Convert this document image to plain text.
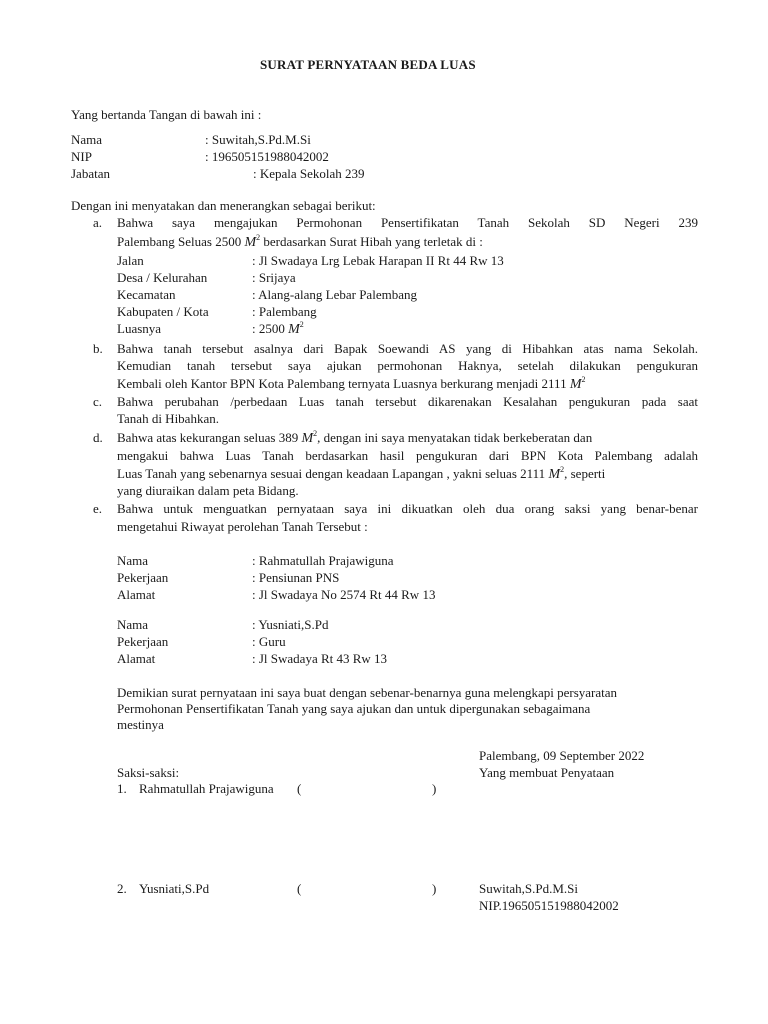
SURAT PERNYATAAN BEDA LUAS
Yang bertanda Tangan di bawah ini :
Nama	: Suwitah,S.Pd.M.Si
NIP	: 196505151988042002
Jabatan	: Kepala Sekolah 239
Dengan ini menyatakan dan menerangkan sebagai berikut:
a. Bahwa saya mengajukan Permohonan Pensertifikatan Tanah Sekolah SD Negeri 239
Palembang Seluas 2500 $M^2$ berdasarkan Surat Hibah yang terletak di :
Jalan	: Jl Swadaya Lrg Lebak Harapan II Rt 44 Rw 13
Desa / Kelurahan	: Srijaya
Kecamatan	: Alang-alang Lebar Palembang
Kabupaten / Kota	: Palembang
Luasnya	: 2500 $M^2$
b. Bahwa tanah tersebut asalnya dari Bapak Soewandi AS yang di Hibahkan atas nama Sekolah.
Kemudian tanah tersebut saya ajukan permohonan Haknya, setelah dilakukan pengukuran
Kembali oleh Kantor BPN Kota Palembang ternyata Luasnya berkurang menjadi 2111 $M^2$
c. Bahwa perubahan /perbedaan Luas tanah tersebut dikarenakan Kesalahan pengukuran pada saat
Tanah di Hibahkan.
d. Bahwa atas kekurangan seluas 389 $M^2$, dengan ini saya menyatakan tidak berkeberatan dan
mengakui bahwa Luas Tanah berdasarkan hasil pengukuran dari BPN Kota Palembang adalah
Luas Tanah yang sebenarnya sesuai dengan keadaan Lapangan , yakni seluas 2111 $M^2$, seperti
yang diuraikan dalam peta Bidang.
e. Bahwa untuk menguatkan pernyataan saya ini dikuatkan oleh dua orang saksi yang benar-benar
mengetahui Riwayat perolehan Tanah Tersebut :
Nama	: Rahmatullah Prajawiguna
Pekerjaan	: Pensiunan PNS
Alamat	: Jl Swadaya No 2574 Rt 44 Rw 13
Nama	: Yusniati,S.Pd
Pekerjaan	: Guru
Alamat	: Jl Swadaya Rt 43 Rw 13
Demikian surat pernyataan ini saya buat dengan sebenar-benarnya guna melengkapi persyaratan
Permohonan Pensertifikatan Tanah yang saya ajukan dan untuk dipergunakan sebagaimana
mestinya
Palembang, 09 September 2022
Saksi-saksi:	Yang membuat Penyataan
1. Rahmatullah Prajawiguna (	)
2. Yusniati,S.Pd	(	)	Suwitah,S.Pd.M.Si
NIP.196505151988042002
